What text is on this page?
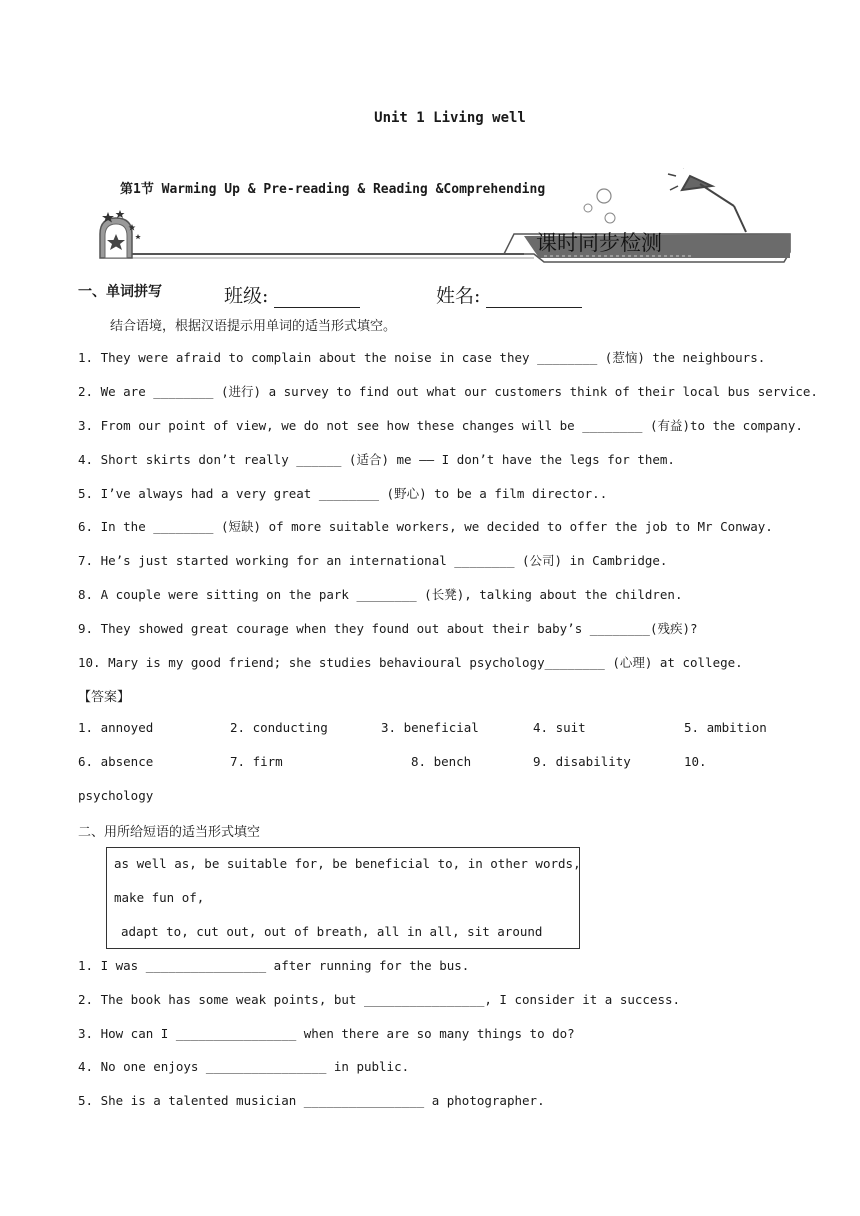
Unit 1 Living well
第1节 Warming Up & Pre-reading & Reading &Comprehending
课时同步检测
一、单词拼写	班级:	姓名:
结合语境，根据汉语提示用单词的适当形式填空。
1. They were afraid to complain about the noise in case they ________ (惹恼) the neighbours.
2. We are ________ (进行) a survey to find out what our customers think of their local bus service.
3. From our point of view, we do not see how these changes will be ________ (有益)to the company.
4. Short skirts don’t really ______ (适合) me —— I don’t have the legs for them.
5. I’ve always had a very great ________ (野心) to be a film director..
6. In the ________ (短缺) of more suitable workers, we decided to offer the job to Mr Conway.
7. He’s just started working for an international ________ (公司) in Cambridge.
8. A couple were sitting on the park ________ (长凳), talking about the children.
9. They showed great courage when they found out about their baby’s ________(残疾)?
10. Mary is my good friend; she studies behavioural psychology________ (心理) at college.
【答案】
1. annoyed	2. conducting	3. beneficial	4. suit	5. ambition
6. absence	7. firm	8. bench	9. disability	10.
psychology
二、用所给短语的适当形式填空
as well as, be suitable for, be beneficial to, in other words,
make fun of,
adapt to, cut out, out of breath, all in all, sit around
1. I was ________________ after running for the bus.
2. The book has some weak points, but ________________, I consider it a success.
3. How can I ________________ when there are so many things to do?
4. No one enjoys ________________ in public.
5. She is a talented musician ________________ a photographer.
